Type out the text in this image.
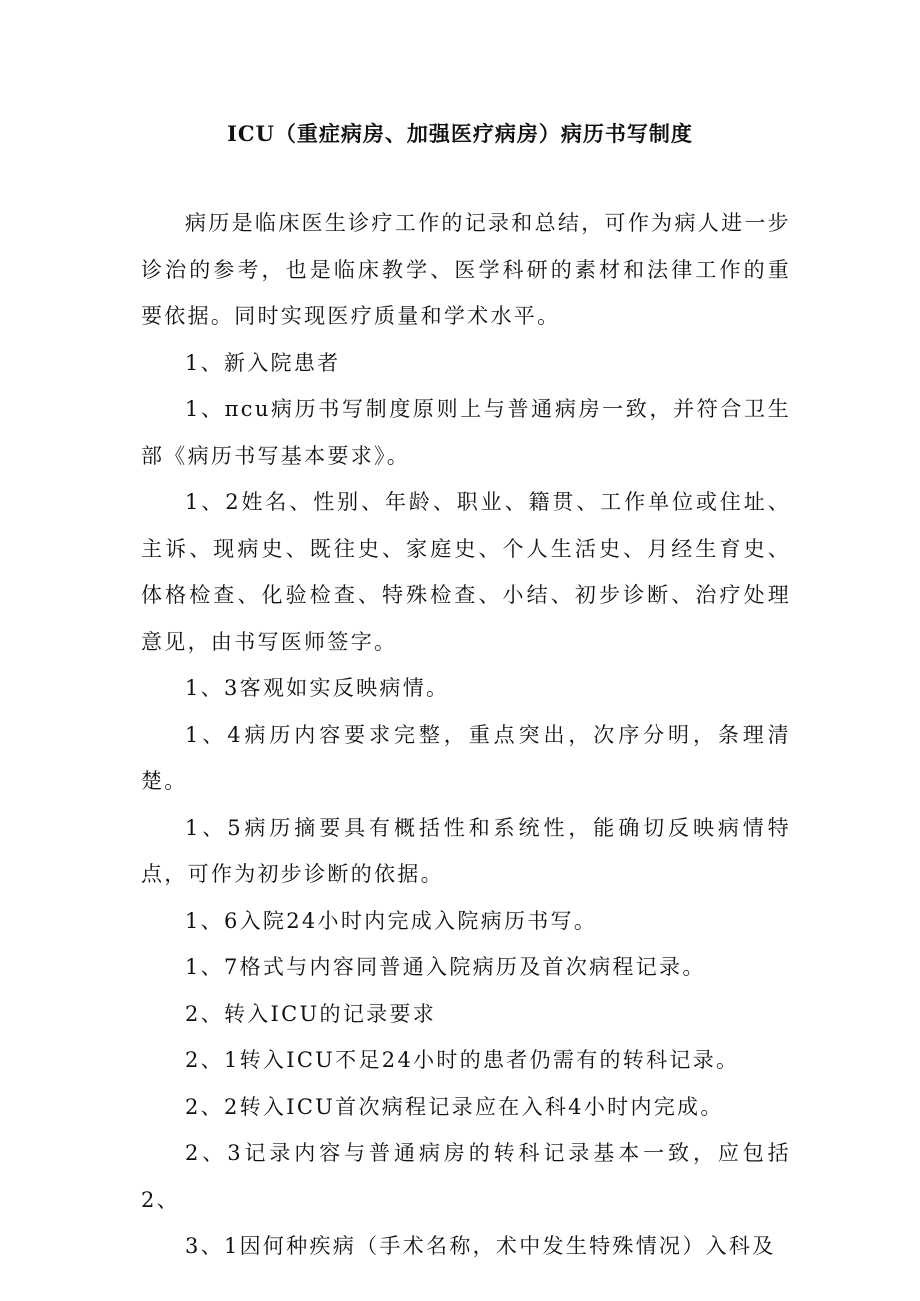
ICU（重症病房、加强医疗病房）病历书写制度

病历是临床医生诊疗工作的记录和总结，可作为病人进一步诊治的参考，也是临床教学、医学科研的素材和法律工作的重要依据。同时实现医疗质量和学术水平。

1、新入院患者

1、πcu病历书写制度原则上与普通病房一致，并符合卫生部《病历书写基本要求》。

1、2姓名、性别、年龄、职业、籍贯、工作单位或住址、主诉、现病史、既往史、家庭史、个人生活史、月经生育史、体格检查、化验检查、特殊检查、小结、初步诊断、治疗处理意见，由书写医师签字。

1、3客观如实反映病情。

1、4病历内容要求完整，重点突出，次序分明，条理清楚。

1、5病历摘要具有概括性和系统性，能确切反映病情特点，可作为初步诊断的依据。

1、6入院24小时内完成入院病历书写。

1、7格式与内容同普通入院病历及首次病程记录。

2、转入ICU的记录要求

2、1转入ICU不足24小时的患者仍需有的转科记录。

2、2转入ICU首次病程记录应在入科4小时内完成。

2、3记录内容与普通病房的转科记录基本一致，应包括2、

3、1因何种疾病（手术名称，术中发生特殊情况）入科及
